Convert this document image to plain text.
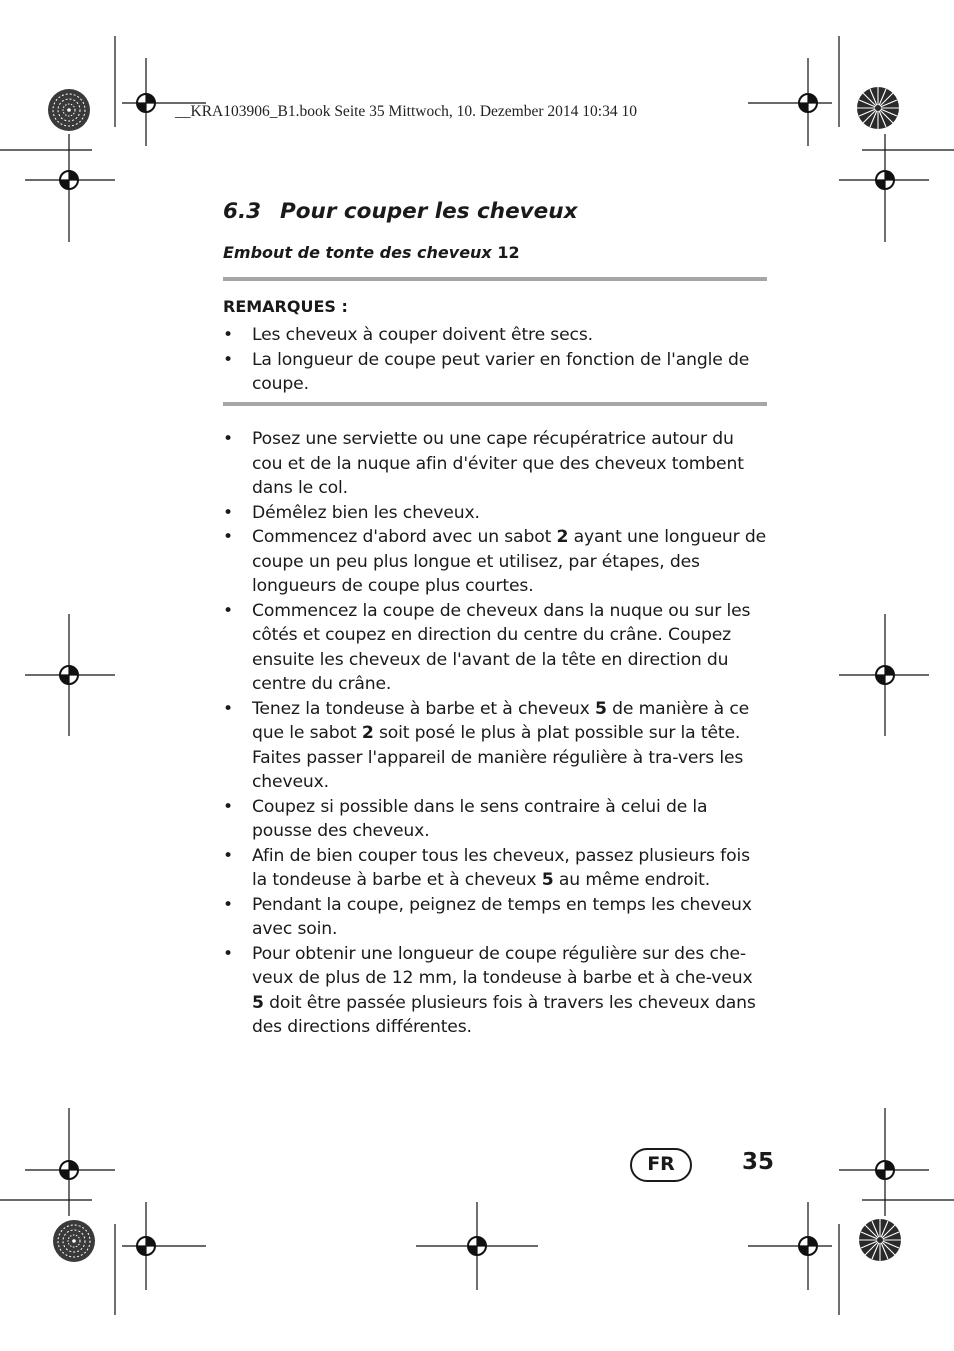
__KRA103906_B1.book Seite 35 Mittwoch, 10. Dezember 2014 10:34 10
6.3 Pour couper les cheveux
Embout de tonte des cheveux 12
REMARQUES :
• Les cheveux à couper doivent être secs.
• La longueur de coupe peut varier en fonction de l'angle de coupe.
• Posez une serviette ou une cape récupératrice autour du cou et de la nuque afin d'éviter que des cheveux tombent dans le col.
• Démêlez bien les cheveux.
• Commencez d'abord avec un sabot 2 ayant une longueur de coupe un peu plus longue et utilisez, par étapes, des longueurs de coupe plus courtes.
• Commencez la coupe de cheveux dans la nuque ou sur les côtés et coupez en direction du centre du crâne. Coupez ensuite les cheveux de l'avant de la tête en direction du centre du crâne.
• Tenez la tondeuse à barbe et à cheveux 5 de manière à ce que le sabot 2 soit posé le plus à plat possible sur la tête. Faites passer l'appareil de manière régulière à tra-vers les cheveux.
• Coupez si possible dans le sens contraire à celui de la pousse des cheveux.
• Afin de bien couper tous les cheveux, passez plusieurs fois la tondeuse à barbe et à cheveux 5 au même endroit.
• Pendant la coupe, peignez de temps en temps les cheveux avec soin.
• Pour obtenir une longueur de coupe régulière sur des che-veux de plus de 12 mm, la tondeuse à barbe et à che-veux 5 doit être passée plusieurs fois à travers les cheveux dans des directions différentes.
FR	35
